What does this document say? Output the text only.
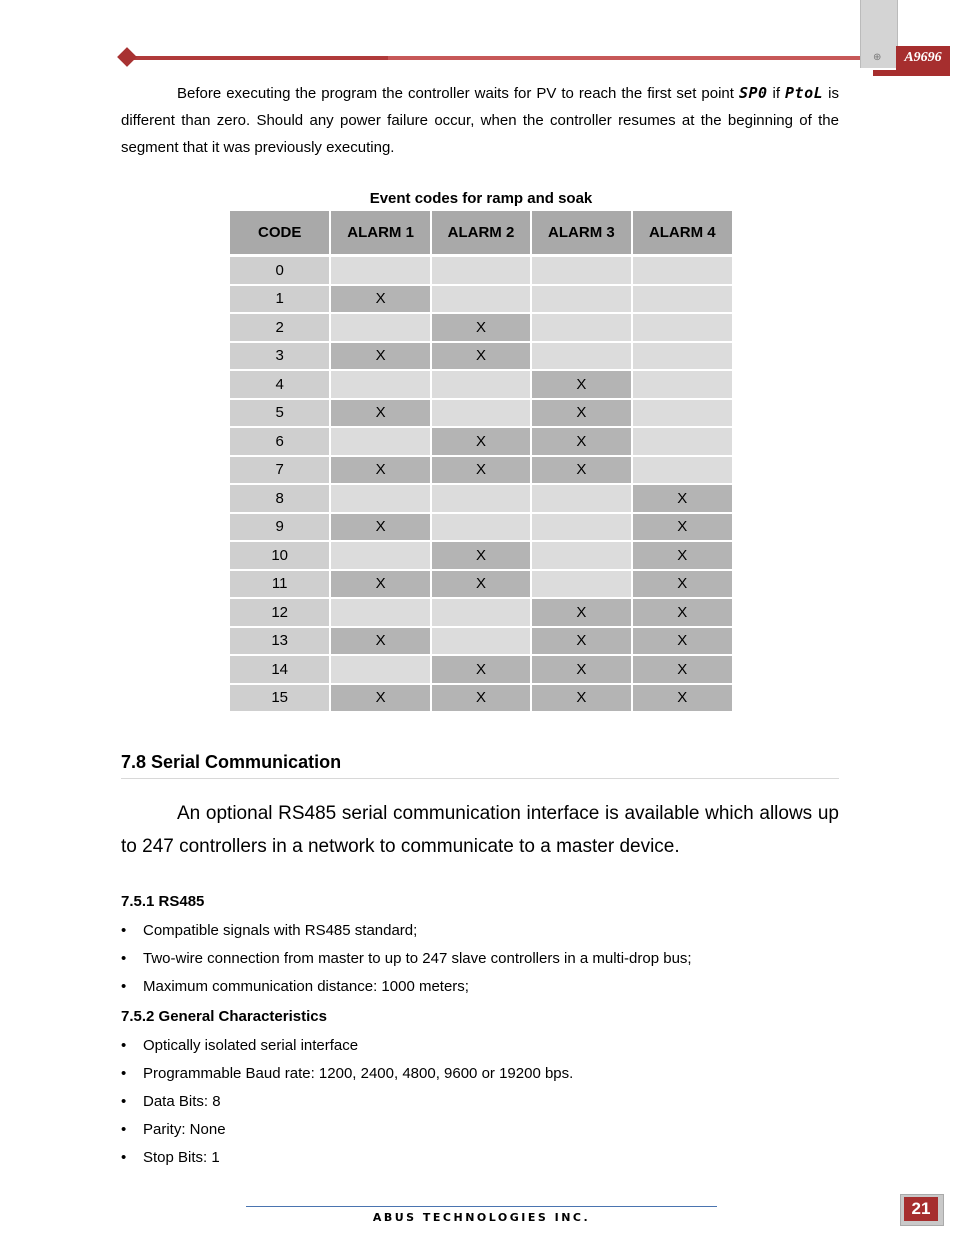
⊕	A9696
Before executing the program the controller waits for PV to reach the first set point SP0 if PtoL is different than zero. Should any power failure occur, when the controller resumes at the beginning of the segment that it was previously executing.
Event codes for ramp and soak
CODE	ALARM 1	ALARM 2	ALARM 3	ALARM 4

0				
1	X			
2		X		
3	X	X		
4			X	
5	X		X	
6		X	X	
7	X	X	X	
8				X
9	X			X
10		X		X
11	X	X		X
12			X	X
13	X		X	X
14		X	X	X
15	X	X	X	X
7.8 Serial Communication
An optional RS485 serial communication interface is available which allows up to 247 controllers in a network to communicate to a master device.
7.5.1 RS485
• Compatible signals with RS485 standard;
• Two-wire connection from master to up to 247 slave controllers in a multi-drop bus;
• Maximum communication distance: 1000 meters;
7.5.2 General Characteristics
• Optically isolated serial interface
• Programmable Baud rate: 1200, 2400, 4800, 9600 or 19200 bps.
• Data Bits: 8
• Parity: None
• Stop Bits: 1
ABUS TECHNOLOGIES INC.	21
